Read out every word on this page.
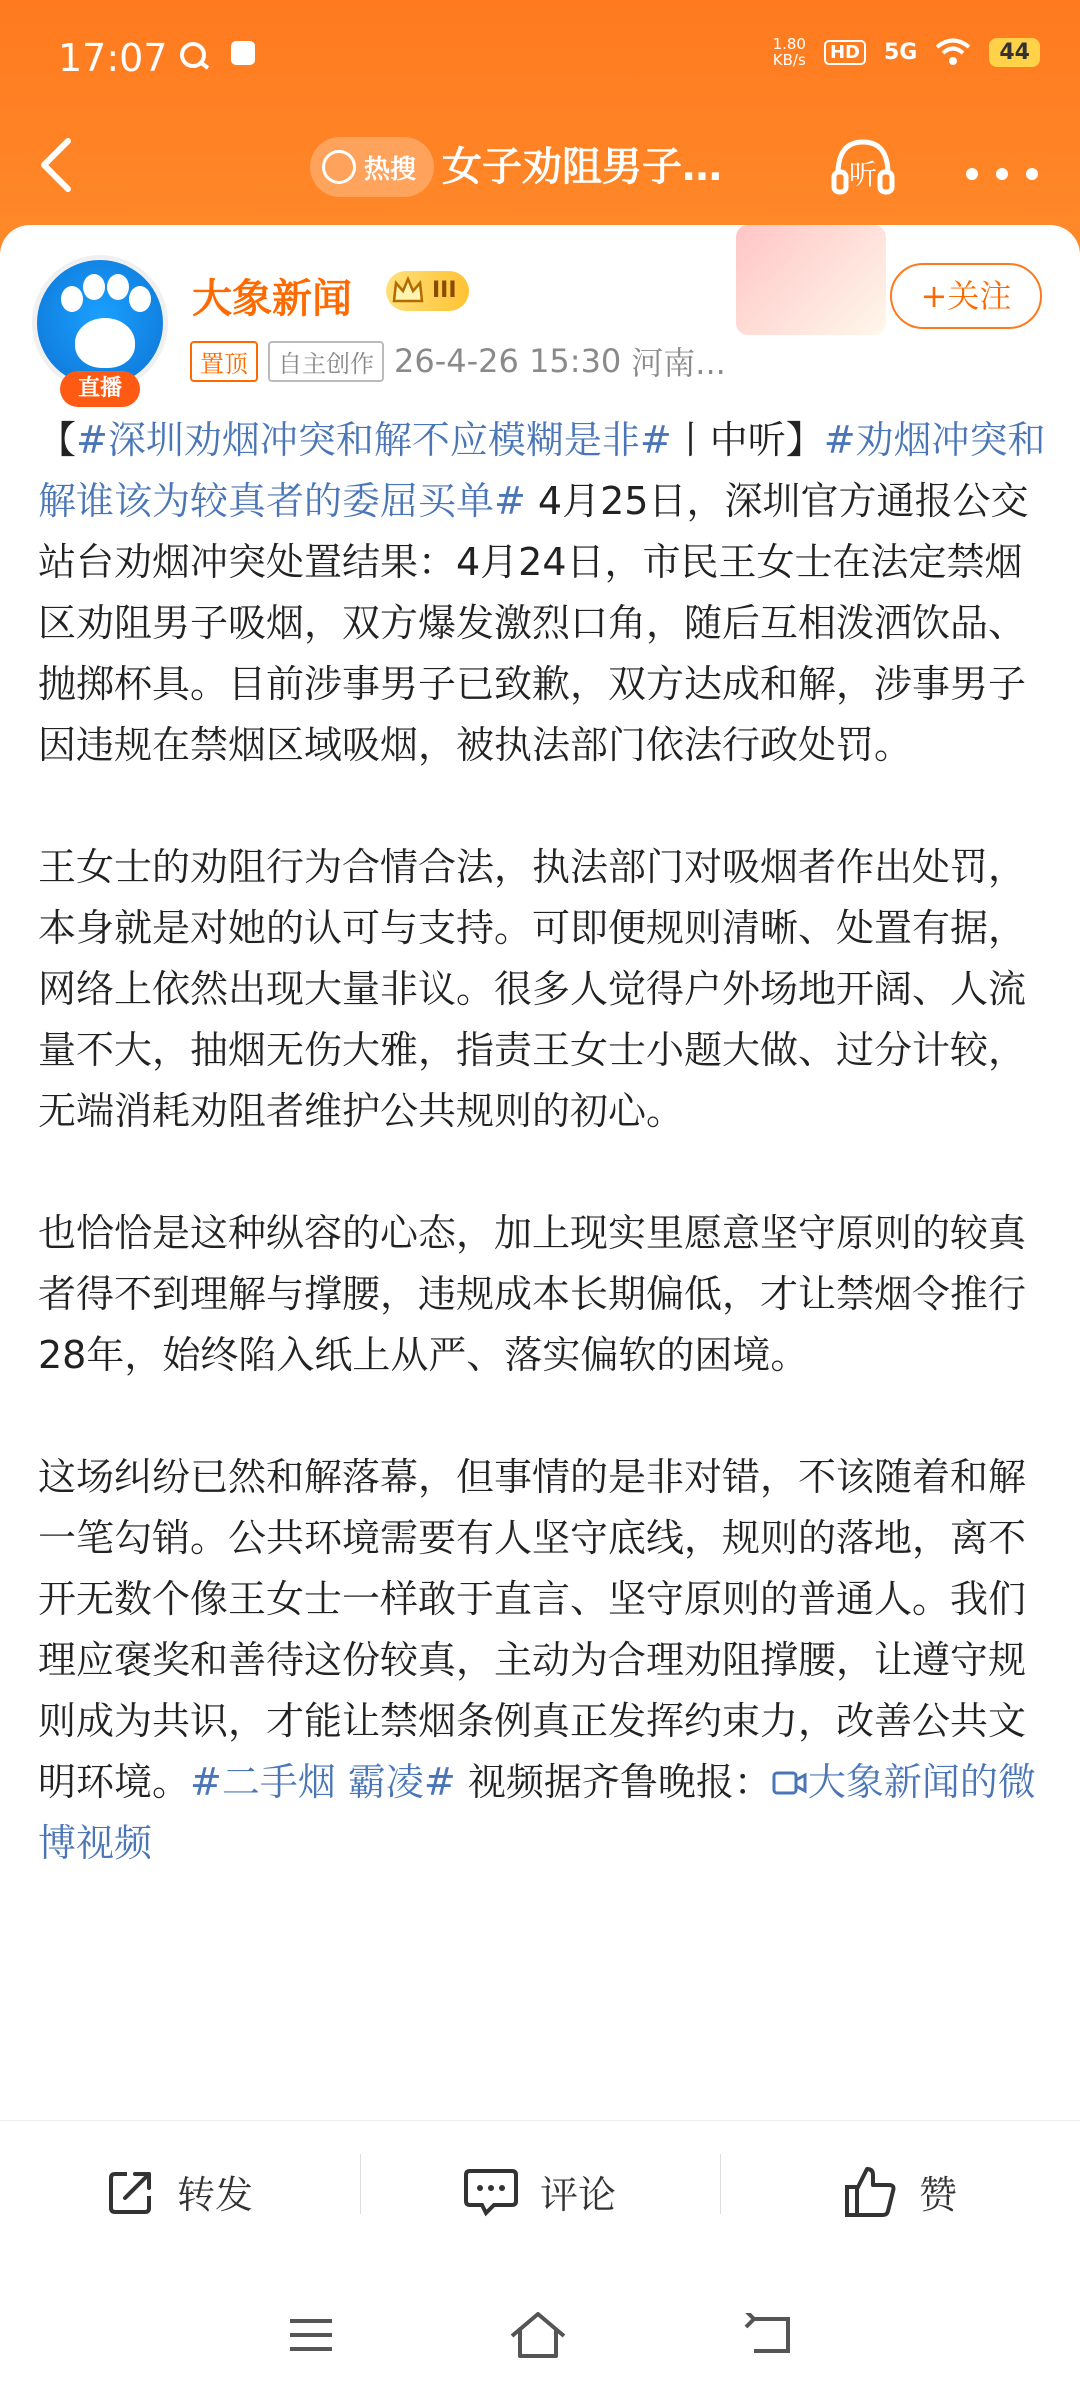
17:07	1.80
KB/s	HD 5G	44
热搜 女子劝阻男子…	听
直播
大象新闻	III	+关注
置顶	自主创作 26-4-26 15:30 河南...

【#深圳劝烟冲突和解不应模糊是非#丨中听】#劝烟冲突和解谁该为较真者的委屈买单# 4月25日，深圳官方通报公交站台劝烟冲突处置结果：4月24日，市民王女士在法定禁烟区劝阻男子吸烟，双方爆发激烈口角，随后互相泼洒饮品、抛掷杯具。目前涉事男子已致歉，双方达成和解，涉事男子因违规在禁烟区域吸烟，被执法部门依法行政处罚。

王女士的劝阻行为合情合法，执法部门对吸烟者作出处罚，本身就是对她的认可与支持。可即便规则清晰、处置有据，网络上依然出现大量非议。很多人觉得户外场地开阔、人流量不大，抽烟无伤大雅，指责王女士小题大做、过分计较，无端消耗劝阻者维护公共规则的初心。

也恰恰是这种纵容的心态，加上现实里愿意坚守原则的较真者得不到理解与撑腰，违规成本长期偏低，才让禁烟令推行28年，始终陷入纸上从严、落实偏软的困境。

这场纠纷已然和解落幕，但事情的是非对错，不该随着和解一笔勾销。公共环境需要有人坚守底线，规则的落地，离不开无数个像王女士一样敢于直言、坚守原则的普通人。我们理应褒奖和善待这份较真，主动为合理劝阻撑腰，让遵守规则成为共识，才能让禁烟条例真正发挥约束力，改善公共文明环境。#二手烟 霸凌# 视频据齐鲁晚报： 大象新闻的微博视频

转发	评论	赞
